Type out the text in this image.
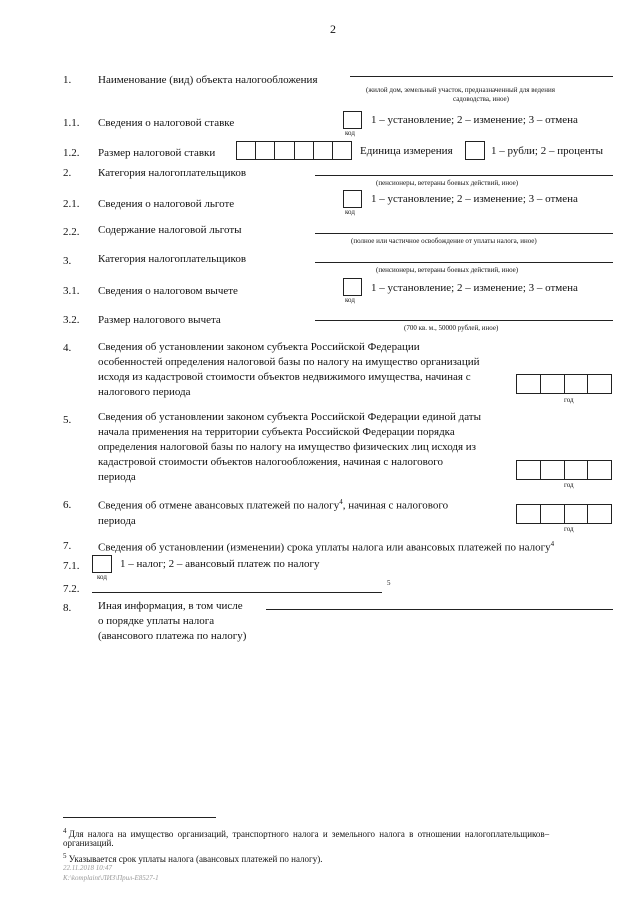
2
1. Наименование (вид) объекта налогообложения
(жилой дом, земельный участок, предназначенный для ведения
садоводства, иное)
1.1. Сведения о налоговой ставке
код
1 – установление; 2 – изменение; 3 – отмена
1.2. Размер налоговой ставки	Единица измерения	1 – рубли; 2 – проценты
2. Категория налогоплательщиков
(пенсионеры, ветераны боевых действий, иное)
2.1. Сведения о налоговой льготе
код
1 – установление; 2 – изменение; 3 – отмена
2.2. Содержание налоговой льготы
(полное или частичное освобождение от уплаты налога, иное)
3. Категория налогоплательщиков
(пенсионеры, ветераны боевых действий, иное)
3.1. Сведения о налоговом вычете
код
1 – установление; 2 – изменение; 3 – отмена
3.2. Размер налогового вычета
(700 кв. м., 50000 рублей, иное)
4. Сведения об установлении законом субъекта Российской Федерации
особенностей определения налоговой базы по налогу на имущество организаций
исходя из кадастровой стоимости объектов недвижимого имущества, начиная с
налогового периода
год
5. Сведения об установлении законом субъекта Российской Федерации единой даты
начала применения на территории субъекта Российской Федерации порядка
определения налоговой базы по налогу на имущество физических лиц исходя из
кадастровой стоимости объектов налогообложения, начиная с налогового
периода
год
6. Сведения об отмене авансовых платежей по налогу$^4$, начиная с налогового
периода
год
7. Сведения об установлении (изменении) срока уплаты налога или авансовых платежей по налогу$^4$
7.1.
код
1 – налог; 2 – авансовый платеж по налогу
7.2.	5
8. Иная информация, в том числе
о порядке уплаты налога
(авансового платежа по налогу)
$^4$ Для налога на имущество организаций, транспортного налога и земельного налога в отношении налогоплательщиков–
организаций.
$^5$ Указывается срок уплаты налога (авансовых платежей по налогу).
22.11.2018 10:47
К:\komplaint\ЛИЗ\Прил-Е8527-1
